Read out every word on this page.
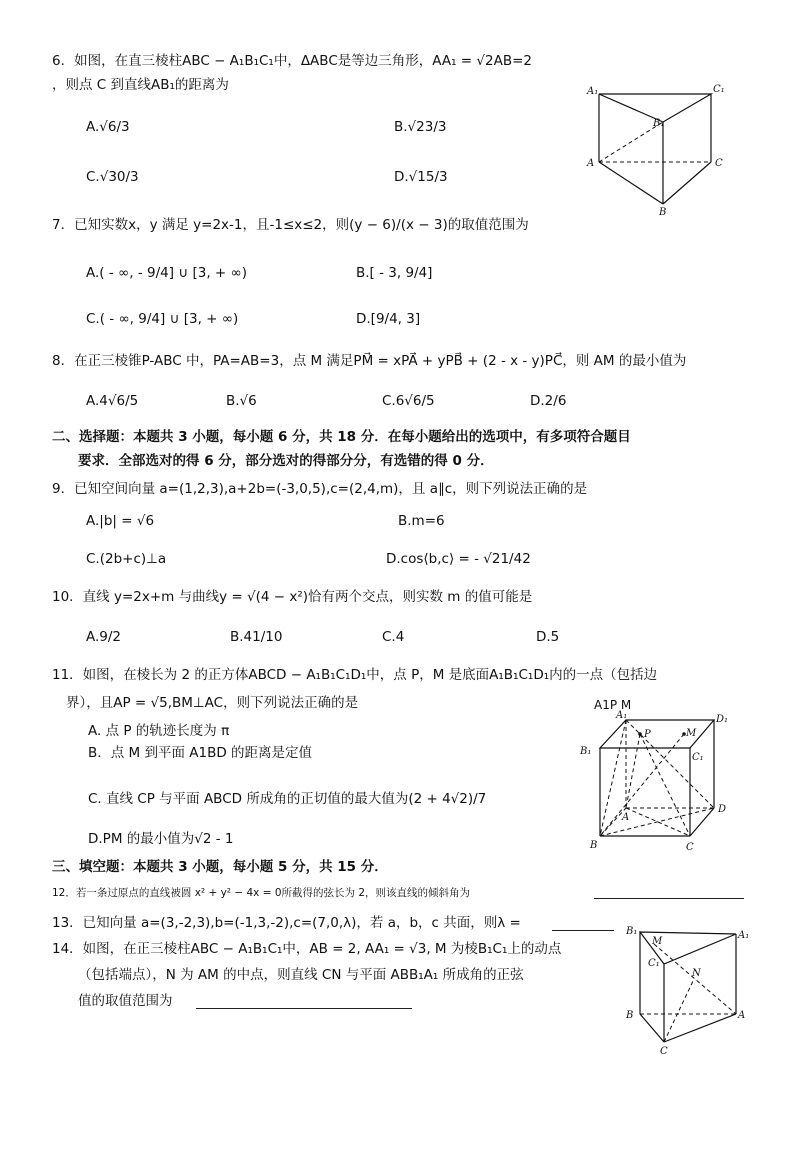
6．如图，在直三棱柱ABC − A₁B₁C₁中，ΔABC是等边三角形，AA₁ = √2AB=2
，则点 C 到直线AB₁的距离为
A.√6/3	B.√23/3
C.√30/3	D.√15/3
A₁	C₁
B₁
A	C
B
7．已知实数x，y 满足 y=2x-1，且-1≤x≤2，则(y − 6)/(x − 3)的取值范围为
A.( - ∞, - 9/4] ∪ [3, + ∞)	B.[ - 3, 9/4]
C.( - ∞, 9/4] ∪ [3, + ∞)	D.[9/4, 3]
8．在正三棱锥P-ABC 中，PA=AB=3，点 M 满足PM⃗ = xPA⃗ + yPB⃗ + (2 - x - y)PC⃗，则 AM 的最小值为
A.4√6/5	B.√6	C.6√6/5	D.2/6
二、选择题：本题共 3 小题，每小题 6 分，共 18 分．在每小题给出的选项中，有多项符合题目
要求．全部选对的得 6 分，部分选对的得部分分，有选错的得 0 分．
9．已知空间向量 a=(1,2,3),a+2b=(-3,0,5),c=(2,4,m)，且 a∥c，则下列说法正确的是
A.|b| = √6	B.m=6
C.(2b+c)⊥a	D.cos⟨b,c⟩ = - √21/42
10．直线 y=2x+m 与曲线y = √(4 − x²)恰有两个交点，则实数 m 的值可能是
A.9/2	B.41/10	C.4	D.5
11．如图，在棱长为 2 的正方体ABCD − A₁B₁C₁D₁中，点 P，M 是底面A₁B₁C₁D₁内的一点（包括边
界），且AP = √5,BM⊥AC，则下列说法正确的是
A. 点 P 的轨迹长度为 π
B．点 M 到平面 A1BD 的距离是定值
C. 直线 CP 与平面 ABCD 所成角的正切值的最大值为(2 + 4√2)/7
D.PM 的最小值为√2 - 1
A1P M
A₁
P	M
D₁
B₁
C₁
A
D
B	C
三、填空题：本题共 3 小题，每小题 5 分，共 15 分．
12．若一条过原点的直线被圆 x² + y² − 4x = 0所截得的弦长为 2，则该直线的倾斜角为
13．已知向量 a=(3,-2,3),b=(-1,3,-2),c=(7,0,λ)，若 a，b，c 共面，则λ =
14．如图，在正三棱柱ABC − A₁B₁C₁中，AB = 2, AA₁ = √3, M 为棱B₁C₁上的动点
（包括端点），N 为 AM 的中点，则直线 CN 与平面 ABB₁A₁ 所成角的正弦
值的取值范围为
B₁
M
A₁
C₁
N
B	A
C
